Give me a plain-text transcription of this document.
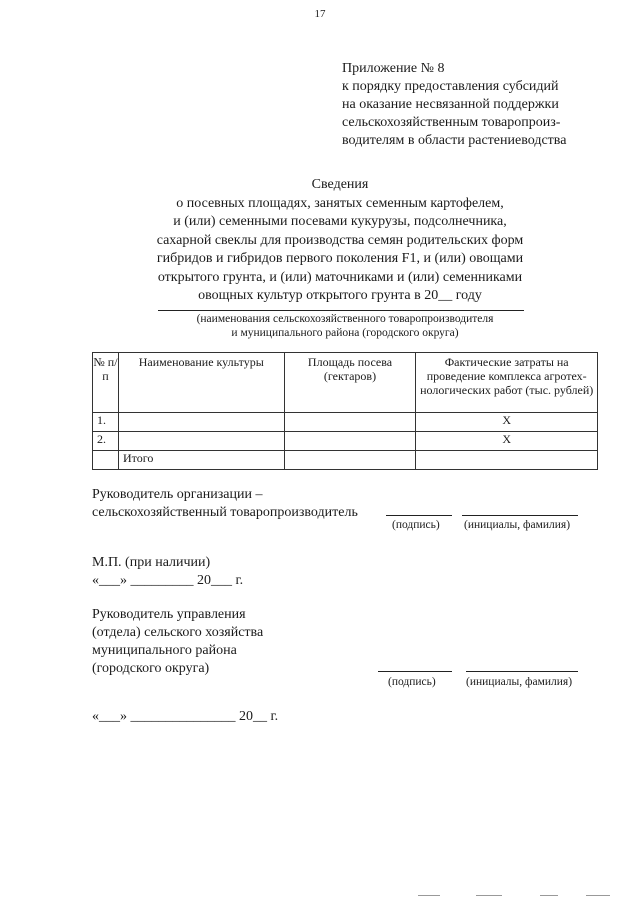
17
Приложение № 8
к порядку предоставления субсидий
на оказание несвязанной поддержки
сельскохозяйственным товаропроиз-
водителям в области растениеводства
Сведения
о посевных площадях, занятых семенным картофелем,
и (или) семенными посевами кукурузы, подсолнечника,
сахарной свеклы для производства семян родительских форм
гибридов и гибридов первого поколения F1, и (или) овощами
открытого грунта, и (или) маточниками и (или) семенниками
овощных культур открытого грунта в 20__ году
(наименования сельскохозяйственного товаропроизводителя
и муниципального района (городского округа)
№ п/п	Наименование культуры	Площадь посева (гектаров)	Фактические затраты на проведение комплекса агротех-нологических работ (тыс. рублей)
1.			X
2.			X
	Итого		
Руководитель организации –
сельскохозяйственный товаропроизводитель
(подпись) (инициалы, фамилия)
М.П. (при наличии)
«___» _________ 20___ г.
Руководитель управления
(отдела) сельского хозяйства
муниципального района
(городского округа)
(подпись)	(инициалы, фамилия)
«___» _______________ 20__ г.
